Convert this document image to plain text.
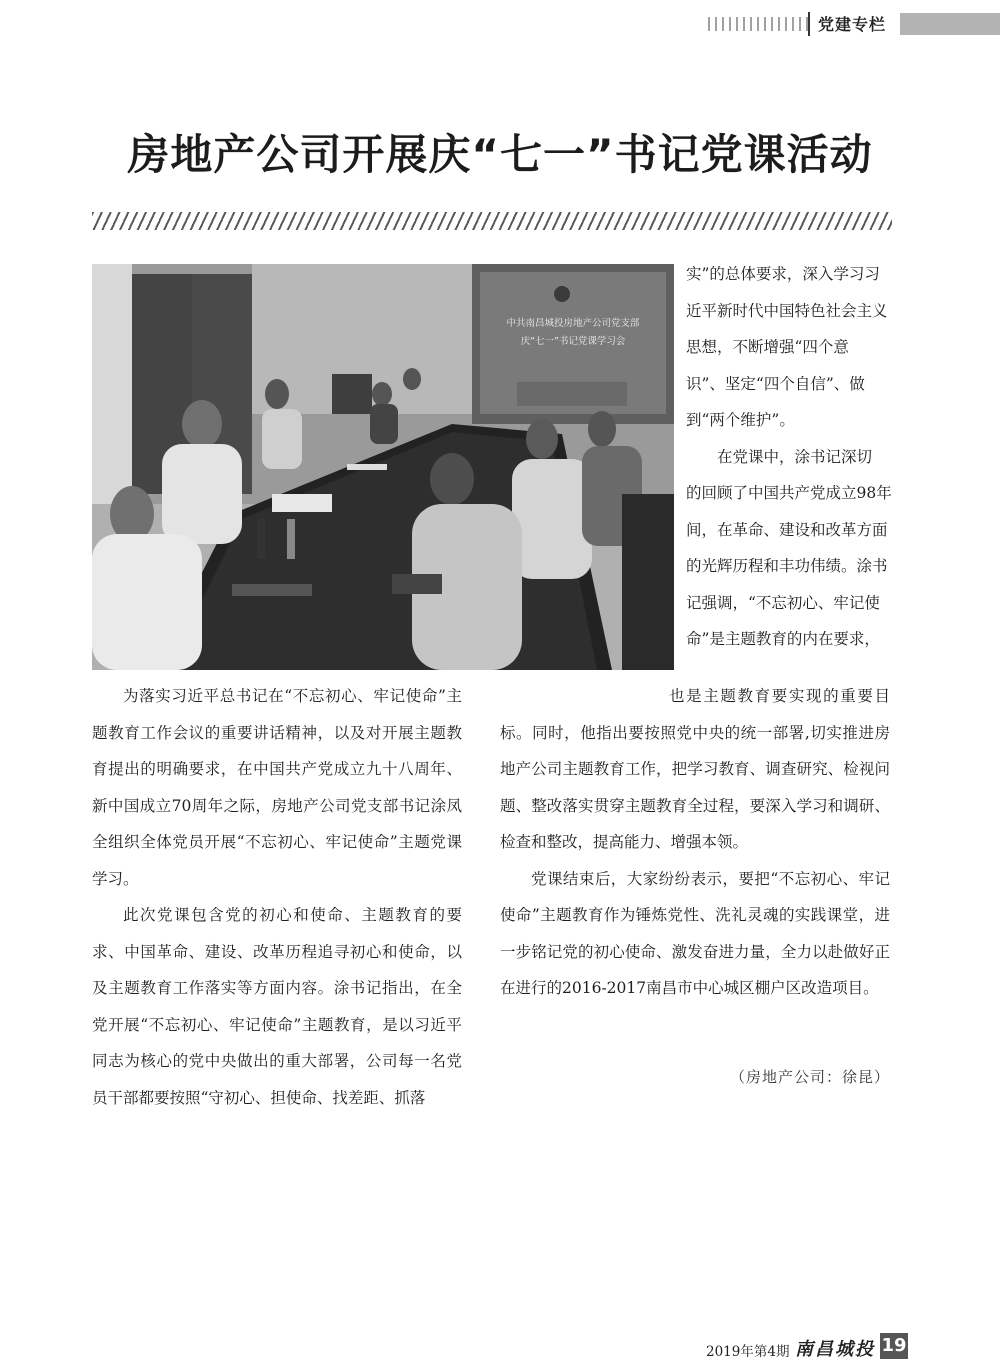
党建专栏
房地产公司开展庆“七一”书记党课活动
中共南昌城投房地产公司党支部
庆“七一”书记党课学习会
实”的总体要求，深入学习习
近平新时代中国特色社会主义
思想，不断增强“四个意
识”、坚定“四个自信”、做
到“两个维护”。
在党课中，涂书记深切
的回顾了中国共产党成立98年
间，在革命、建设和改革方面
的光辉历程和丰功伟绩。涂书
记强调，“不忘初心、牢记使
命”是主题教育的内在要求，

为落实习近平总书记在“不忘初心、牢记使命”主题教育工作会议的重要讲话精神，以及对开展主题教育提出的明确要求，在中国共产党成立九十八周年、新中国成立70周年之际，房地产公司党支部书记涂凤全组织全体党员开展“不忘初心、牢记使命”主题党课学习。

此次党课包含党的初心和使命、主题教育的要求、中国革命、建设、改革历程追寻初心和使命，以及主题教育工作落实等方面内容。涂书记指出，在全党开展“不忘初心、牢记使命”主题教育，是以习近平同志为核心的党中央做出的重大部署，公司每一名党员干部都要按照“守初心、担使命、找差距、抓落

也是主题教育要实现的重要目标。同时，他指出要按照党中央的统一部署,切实推进房地产公司主题教育工作，把学习教育、调查研究、检视问题、整改落实贯穿主题教育全过程，要深入学习和调研、检查和整改，提高能力、增强本领。

党课结束后，大家纷纷表示，要把“不忘初心、牢记使命”主题教育作为锤炼党性、洗礼灵魂的实践课堂，进一步铭记党的初心使命、激发奋进力量，全力以赴做好正在进行的2016-2017南昌市中心城区棚户区改造项目。

（房地产公司：徐昆）
2019年第4期 南昌城投 19
